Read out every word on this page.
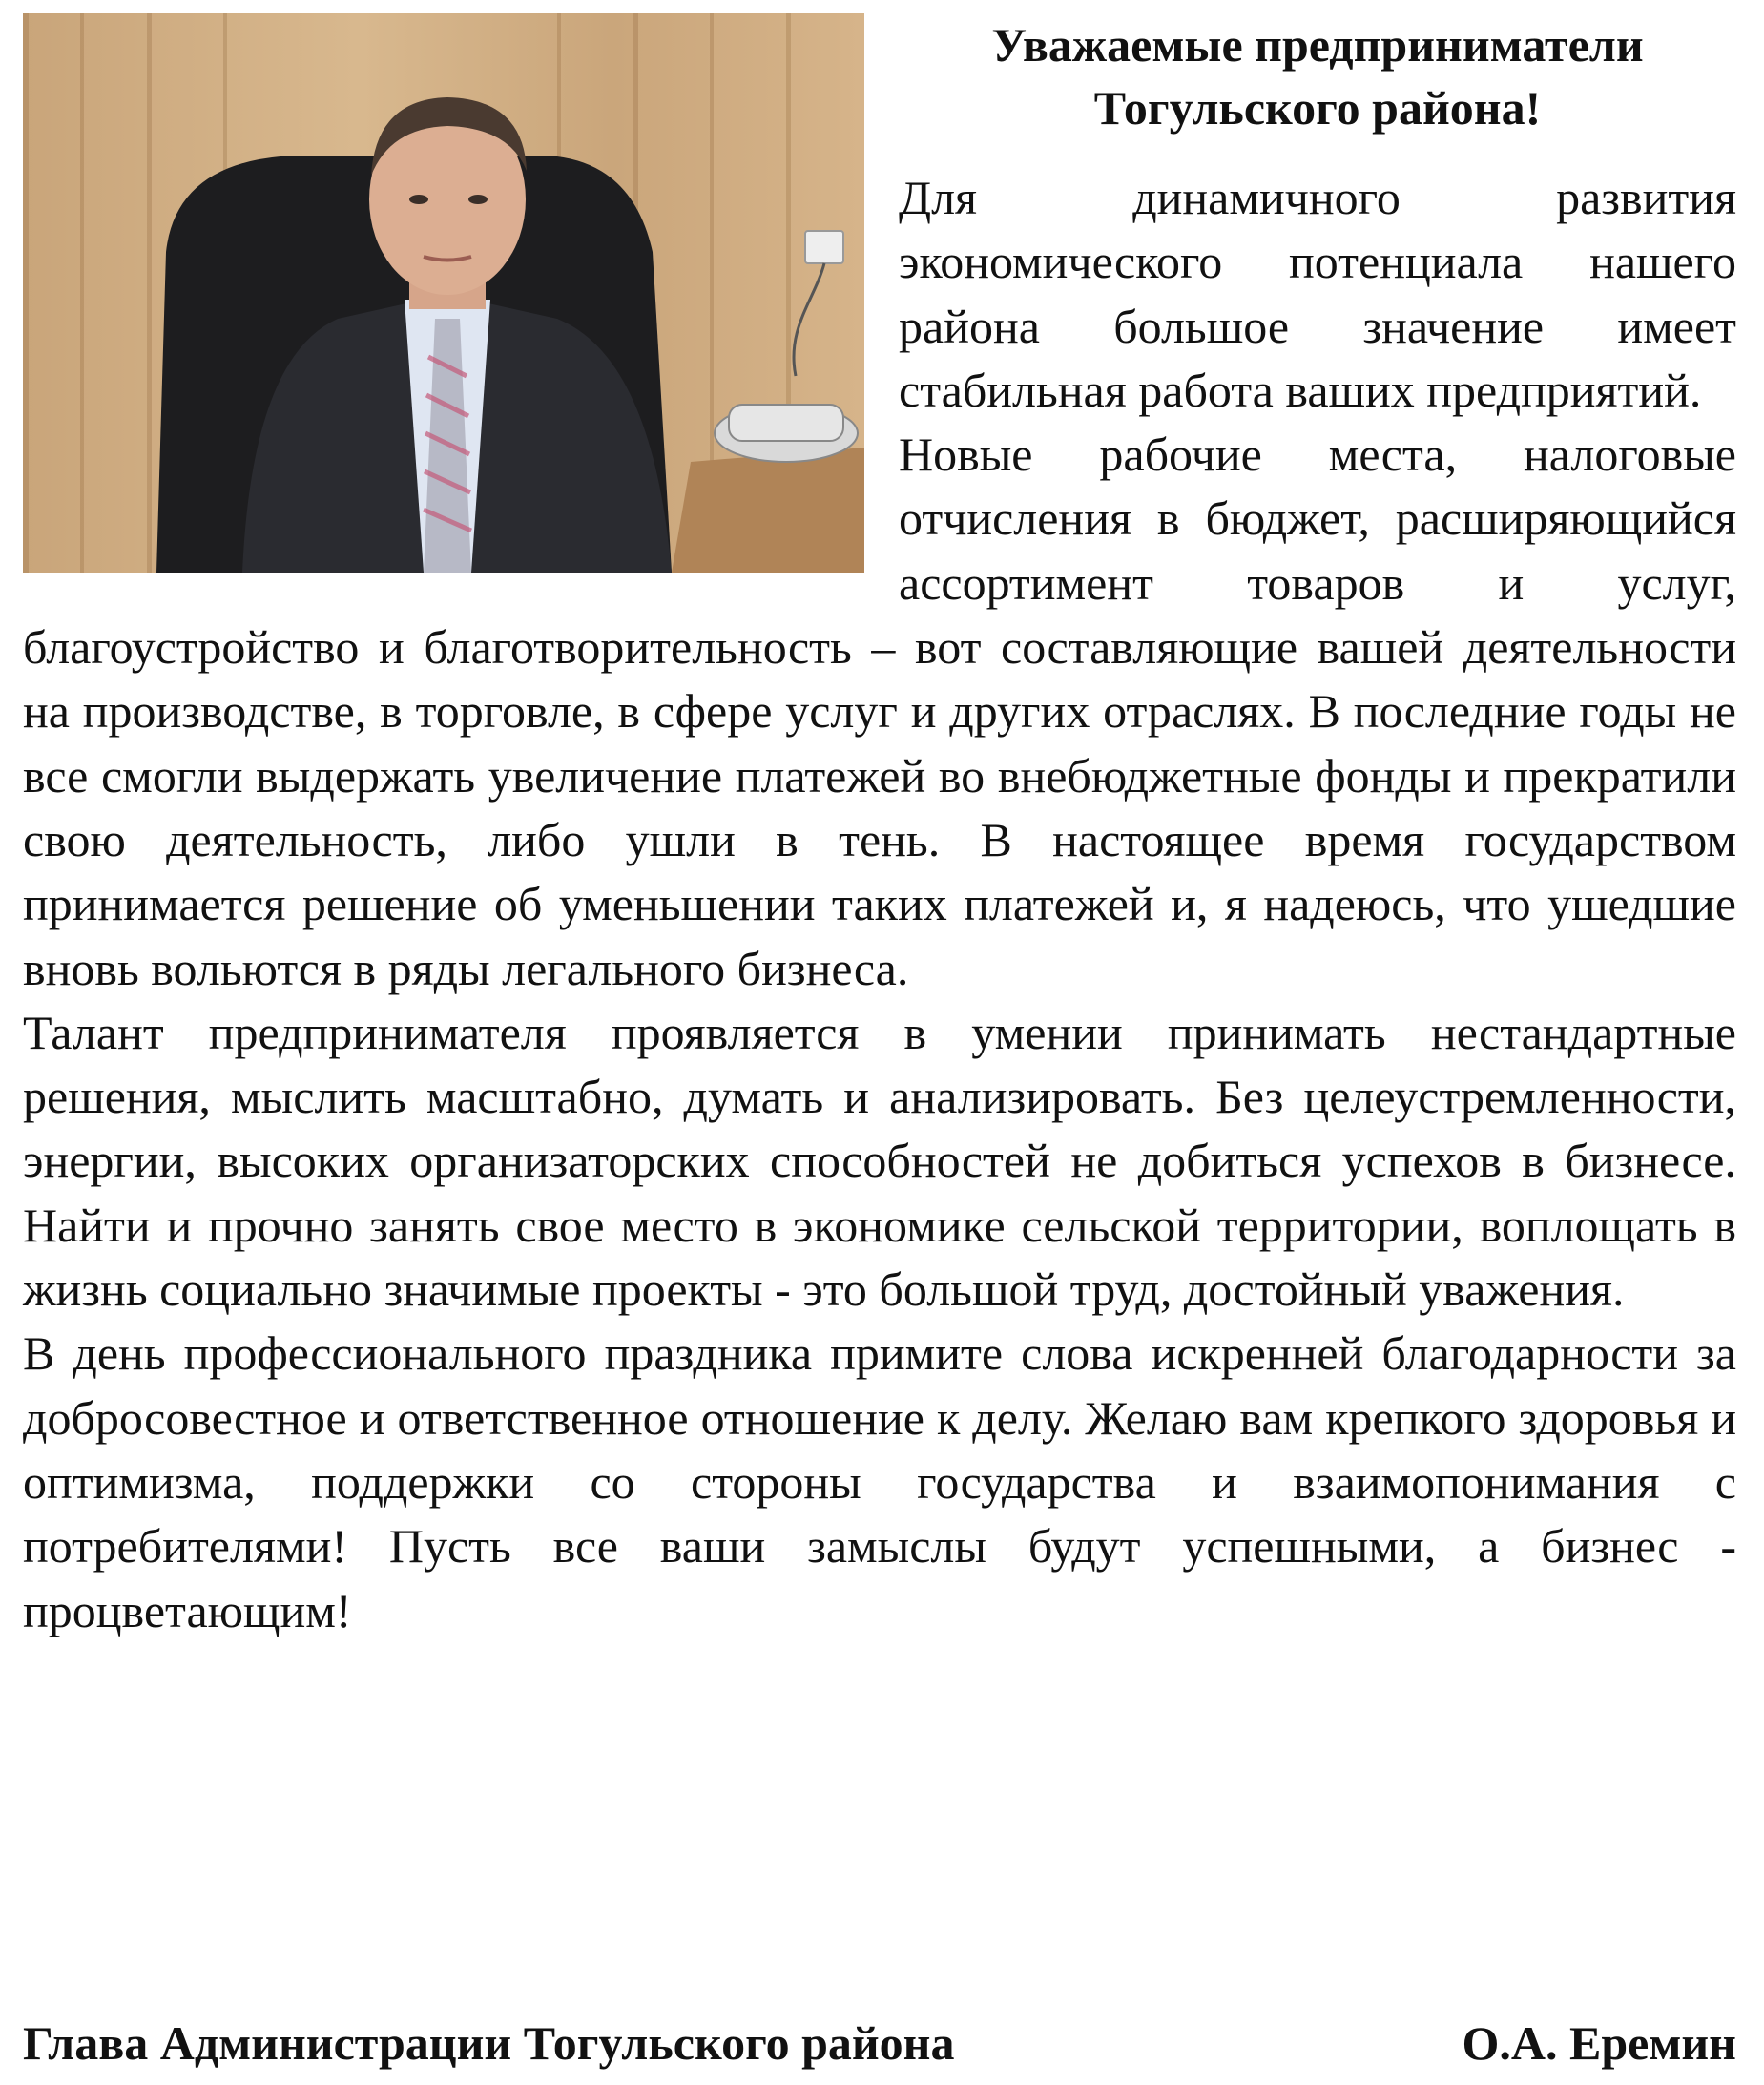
Уважаемые предприниматели
Тогульского района!

Для динамичного развития экономического потенциала нашего района большое значение имеет стабильная работа ваших предприятий.

Новые рабочие места, налоговые отчисления в бюджет, расширяющийся ассортимент товаров и услуг, благоустройство и благотворительность – вот составляющие вашей деятельности на производстве, в торговле, в сфере услуг и других отраслях. В последние годы не все смогли выдержать увеличение платежей во внебюджетные фонды и прекратили свою деятельность, либо ушли в тень. В настоящее время государством принимается решение об уменьшении таких платежей и, я надеюсь, что ушедшие вновь вольются в ряды легального бизнеса.

Талант предпринимателя проявляется в умении принимать нестандартные решения, мыслить масштабно, думать и анализировать. Без целеустремленности, энергии, высоких организаторских способностей не добиться успехов в бизнесе. Найти и прочно занять свое место в экономике сельской территории, воплощать в жизнь социально значимые проекты - это большой труд, достойный уважения.

В день профессионального праздника примите слова искренней благодарности за добросовестное и ответственное отношение к делу. Желаю вам крепкого здоровья и оптимизма, поддержки со стороны государства и взаимопонимания с потребителями! Пусть все ваши замыслы будут успешными, а бизнес - процветающим!

Глава Администрации Тогульского района	О.А. Еремин
